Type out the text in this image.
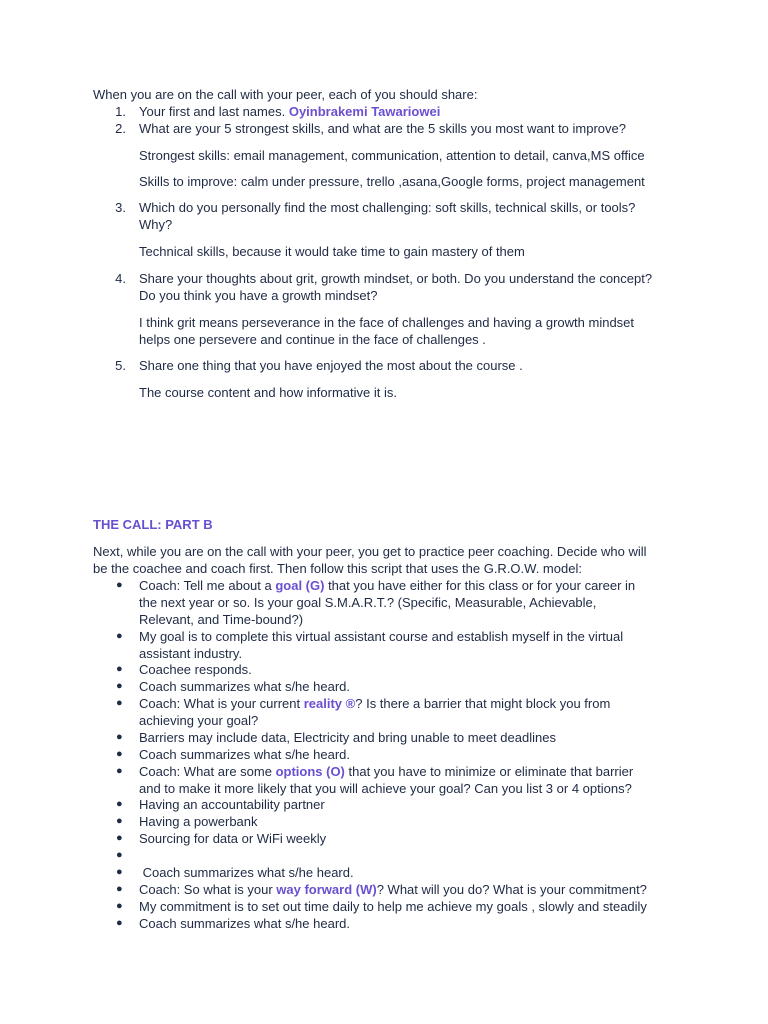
When you are on the call with your peer, each of you should share:
1. Your first and last names. Oyinbrakemi Tawariowei
2. What are your 5 strongest skills, and what are the 5 skills you most want to improve?
Strongest skills: email management, communication, attention to detail, canva,MS office
Skills to improve: calm under pressure, trello ,asana,Google forms, project management
3. Which do you personally find the most challenging: soft skills, technical skills, or tools?
Why?
Technical skills, because it would take time to gain mastery of them
4. Share your thoughts about grit, growth mindset, or both. Do you understand the concept?
Do you think you have a growth mindset?
I think grit means perseverance in the face of challenges and having a growth mindset
helps one persevere and continue in the face of challenges .
5. Share one thing that you have enjoyed the most about the course .
The course content and how informative it is.
THE CALL: PART B
Next, while you are on the call with your peer, you get to practice peer coaching. Decide who will
be the coachee and coach first. Then follow this script that uses the G.R.O.W. model:
● Coach: Tell me about a goal (G) that you have either for this class or for your career in
the next year or so. Is your goal S.M.A.R.T.? (Specific, Measurable, Achievable,
Relevant, and Time-bound?)
● My goal is to complete this virtual assistant course and establish myself in the virtual
assistant industry.
● Coachee responds.
● Coach summarizes what s/he heard.
● Coach: What is your current reality ®? Is there a barrier that might block you from
achieving your goal?
● Barriers may include data, Electricity and bring unable to meet deadlines
● Coach summarizes what s/he heard.
● Coach: What are some options (O) that you have to minimize or eliminate that barrier
and to make it more likely that you will achieve your goal? Can you list 3 or 4 options?
● Having an accountability partner
● Having a powerbank
● Sourcing for data or WiFi weekly
●
● Coach summarizes what s/he heard.
● Coach: So what is your way forward (W)? What will you do? What is your commitment?
● My commitment is to set out time daily to help me achieve my goals , slowly and steadily
● Coach summarizes what s/he heard.
